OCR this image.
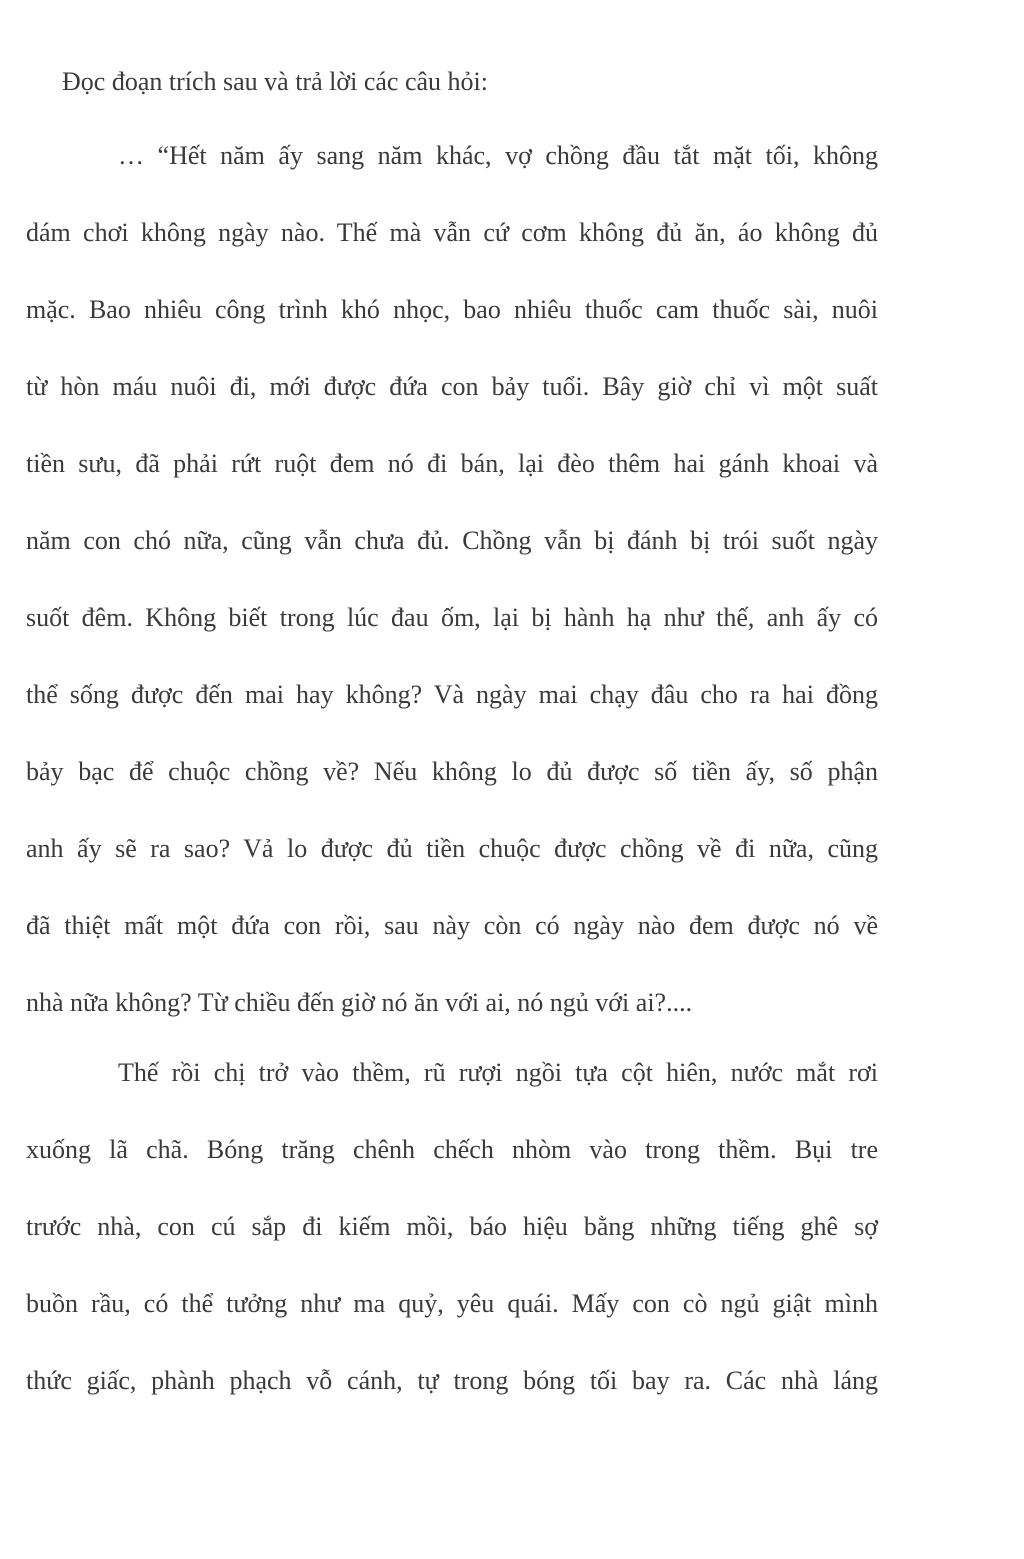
Đọc đoạn trích sau và trả lời các câu hỏi:
… “Hết năm ấy sang năm khác, vợ chồng đầu tắt mặt tối, không
dám chơi không ngày nào. Thế mà vẫn cứ cơm không đủ ăn, áo không đủ
mặc. Bao nhiêu công trình khó nhọc, bao nhiêu thuốc cam thuốc sài, nuôi
từ hòn máu nuôi đi, mới được đứa con bảy tuổi. Bây giờ chỉ vì một suất
tiền sưu, đã phải rứt ruột đem nó đi bán, lại đèo thêm hai gánh khoai và
năm con chó nữa, cũng vẫn chưa đủ. Chồng vẫn bị đánh bị trói suốt ngày
suốt đêm. Không biết trong lúc đau ốm, lại bị hành hạ như thế, anh ấy có
thể sống được đến mai hay không? Và ngày mai chạy đâu cho ra hai đồng
bảy bạc để chuộc chồng về? Nếu không lo đủ được số tiền ấy, số phận
anh ấy sẽ ra sao? Vả lo được đủ tiền chuộc được chồng về đi nữa, cũng
đã thiệt mất một đứa con rồi, sau này còn có ngày nào đem được nó về
nhà nữa không? Từ chiều đến giờ nó ăn với ai, nó ngủ với ai?....
Thế rồi chị trở vào thềm, rũ rượi ngồi tựa cột hiên, nước mắt rơi
xuống lã chã. Bóng trăng chênh chếch nhòm vào trong thềm. Bụi tre
trước nhà, con cú sắp đi kiếm mồi, báo hiệu bằng những tiếng ghê sợ
buồn rầu, có thể tưởng như ma quỷ, yêu quái. Mấy con cò ngủ giật mình
thức giấc, phành phạch vỗ cánh, tự trong bóng tối bay ra. Các nhà láng
